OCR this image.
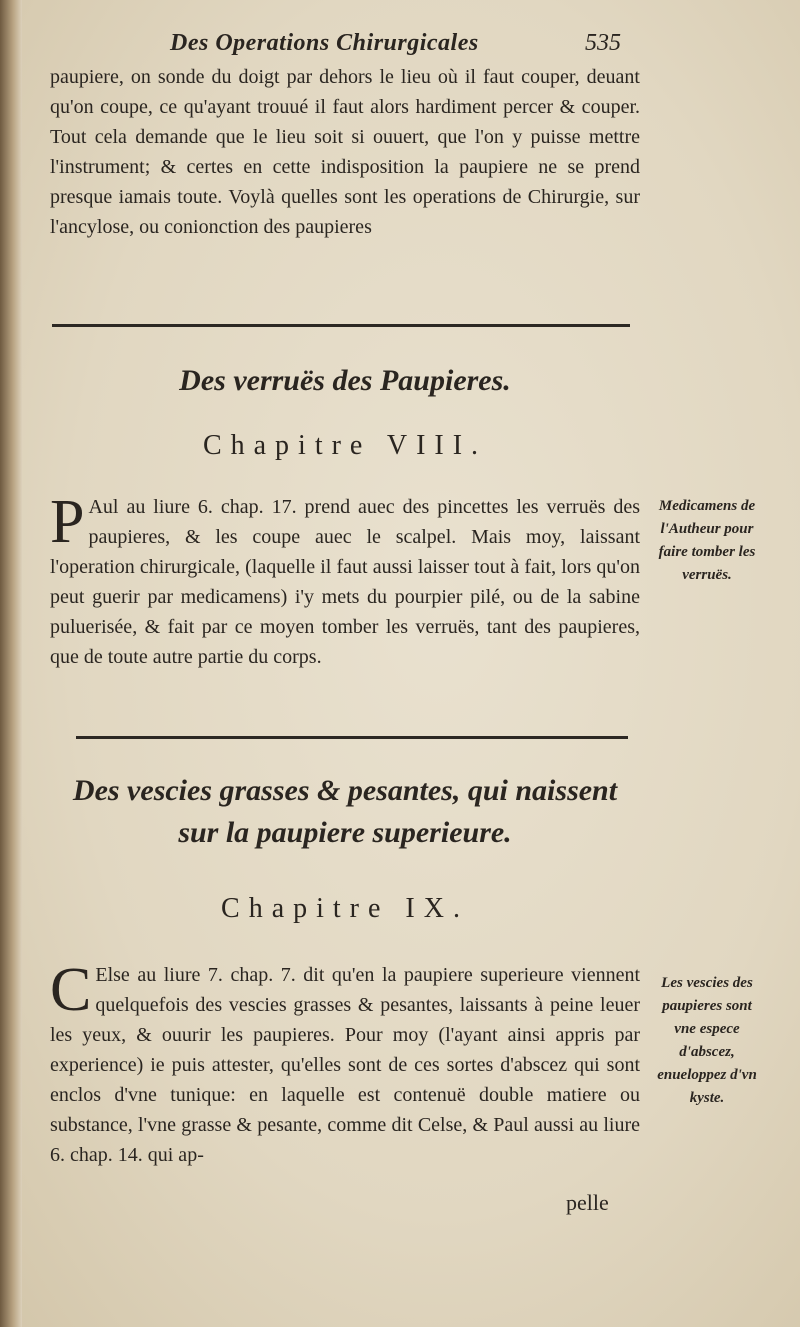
Des Operations Chirurgicales	535
paupiere, on sonde du doigt par dehors le lieu où il faut couper, deuant qu'on coupe, ce qu'ayant trouué il faut alors hardiment percer & couper. Tout cela demande que le lieu soit si ouuert, que l'on y puisse mettre l'instrument; & certes en cette indisposition la paupiere ne se prend presque iamais toute. Voylà quelles sont les operations de Chirurgie, sur l'ancylose, ou conionction des paupieres
Des verruës des Paupieres.
Chapitre VIII.
P Aul au liure 6. chap. 17. prend auec des pincettes les verruës des paupieres, & les coupe auec le scalpel. Mais moy, laissant l'operation chirurgicale, (laquelle il faut aussi laisser tout à fait, lors qu'on peut guerir par medicamens) i'y mets du pourpier pilé, ou de la sabine puluerisée, & fait par ce moyen tomber les verruës, tant des paupieres, que de toute autre partie du corps.
Medicamens de l'Autheur pour faire tomber les verruës.
Des vescies grasses & pesantes, qui naissent
sur la paupiere superieure.
Chapitre IX.
C Else au liure 7. chap. 7. dit qu'en la paupiere superieure viennent quelquefois des vescies grasses & pesantes, laissants à peine leuer les yeux, & ouurir les paupieres. Pour moy (l'ayant ainsi appris par experience) ie puis attester, qu'elles sont de ces sortes d'abscez qui sont enclos d'vne tunique: en laquelle est contenuë double matiere ou substance, l'vne grasse & pesante, comme dit Celse, & Paul aussi au liure 6. chap. 14. qui ap-
Les vescies des paupieres sont vne espece d'abscez, enueloppez d'vn kyste.
pelle
